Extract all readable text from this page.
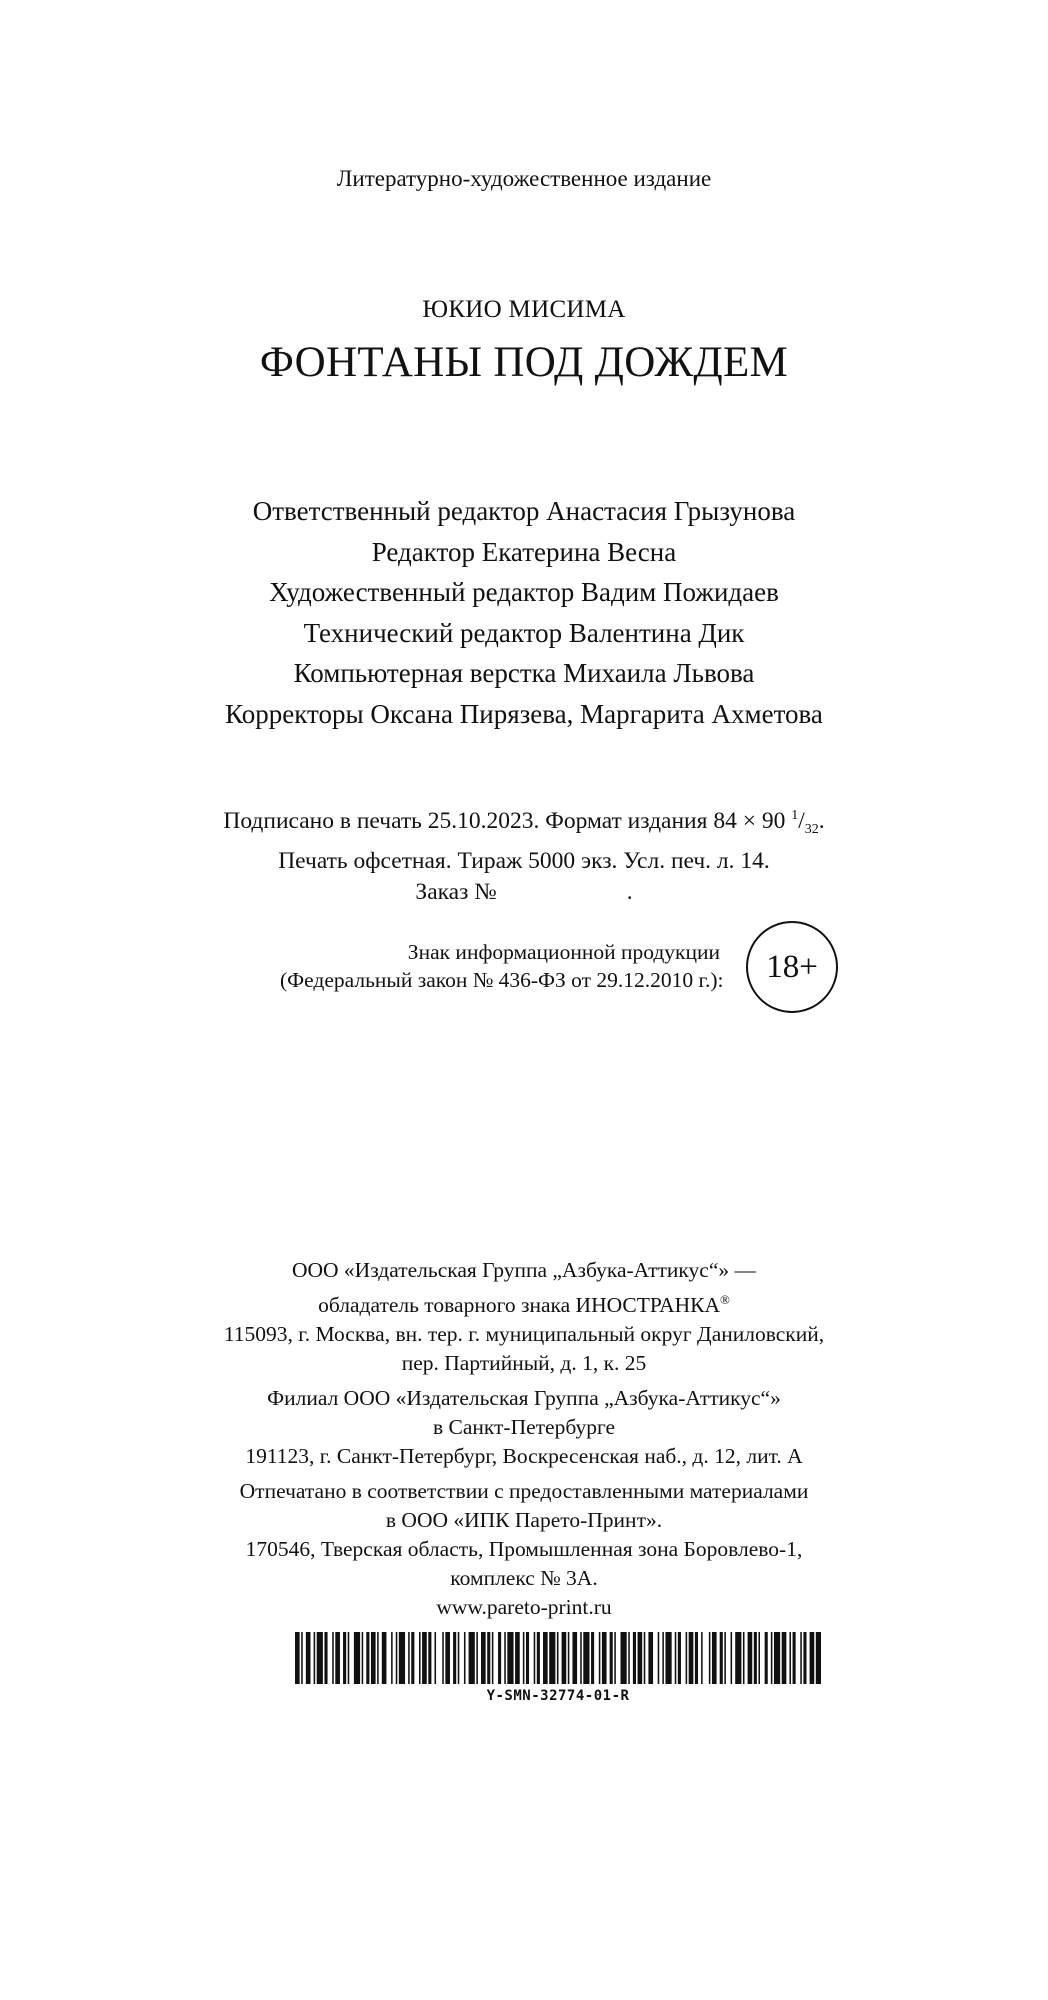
Литературно-художественное издание
ЮКИО МИСИМА
ФОНТАНЫ ПОД ДОЖДЕМ
Ответственный редактор Анастасия Грызунова
Редактор Екатерина Весна
Художественный редактор Вадим Пожидаев
Технический редактор Валентина Дик
Компьютерная верстка Михаила Львова
Корректоры Оксана Пирязева, Маргарита Ахметова
Подписано в печать 25.10.2023. Формат издания 84 × 90 $^1/_{32}$.
Печать офсетная. Тираж 5000 экз. Усл. печ. л. 14.
Заказ №	.
Знак информационной продукции
(Федеральный закон № 436-ФЗ от 29.12.2010 г.):	18+
ООО «Издательская Группа „Азбука-Аттикус“» —
обладатель товарного знака ИНОСТРАНКА®
115093, г. Москва, вн. тер. г. муниципальный округ Даниловский,
пер. Партийный, д. 1, к. 25
Филиал ООО «Издательская Группа „Азбука-Аттикус“»
в Санкт-Петербурге
191123, г. Санкт-Петербург, Воскресенская наб., д. 12, лит. А
Отпечатано в соответствии с предоставленными материалами
в ООО «ИПК Парето-Принт».
170546, Тверская область, Промышленная зона Боровлево-1,
комплекс № 3А.
www.pareto-print.ru
Y-SMN-32774-01-R
